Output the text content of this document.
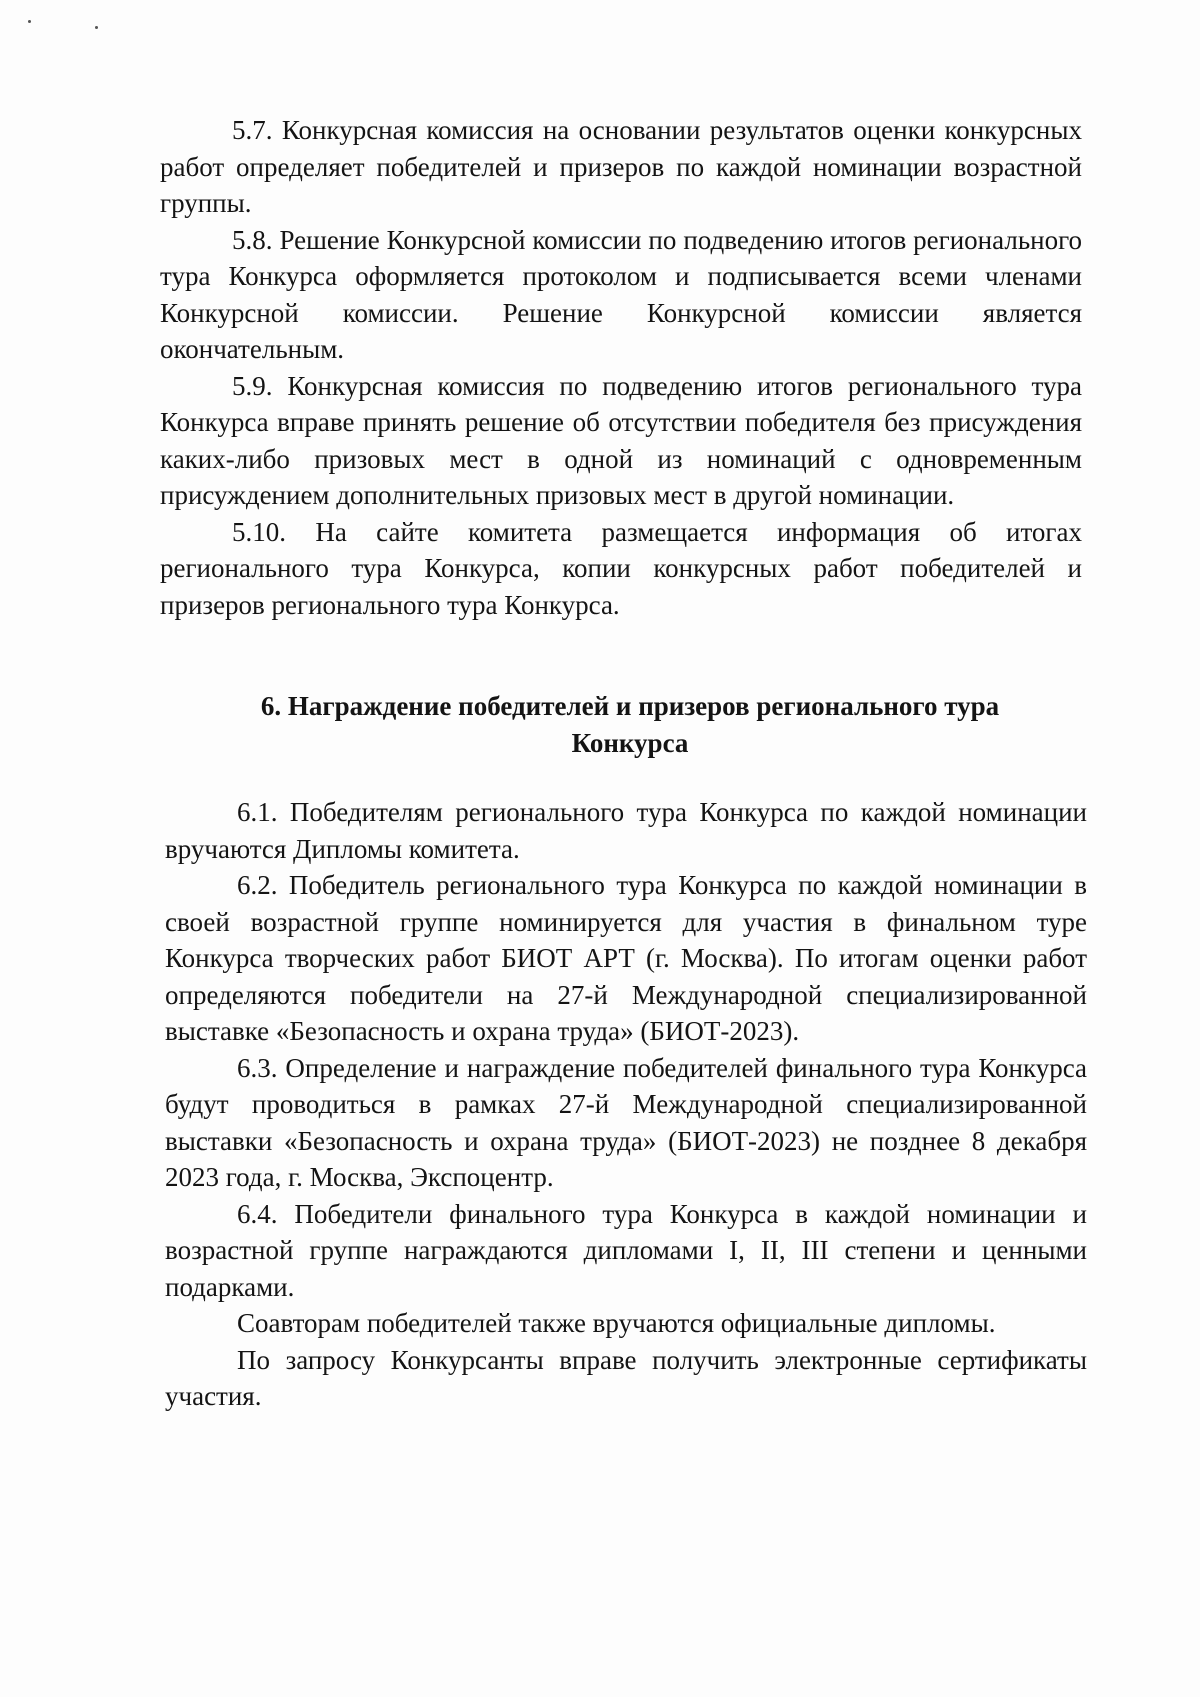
5.7. Конкурсная комиссия на основании результатов оценки конкурсных работ определяет победителей и призеров по каждой номинации возрастной группы.

5.8. Решение Конкурсной комиссии по подведению итогов регионального тура Конкурса оформляется протоколом и подписывается всеми членами Конкурсной комиссии. Решение Конкурсной комиссии является окончательным.

5.9. Конкурсная комиссия по подведению итогов регионального тура Конкурса вправе принять решение об отсутствии победителя без присуждения каких-либо призовых мест в одной из номинаций с одновременным присуждением дополнительных призовых мест в другой номинации.

5.10. На сайте комитета размещается информация об итогах регионального тура Конкурса, копии конкурсных работ победителей и призеров регионального тура Конкурса.

6. Награждение победителей и призеров регионального тура
Конкурса

6.1. Победителям регионального тура Конкурса по каждой номинации вручаются Дипломы комитета.

6.2. Победитель регионального тура Конкурса по каждой номинации в своей возрастной группе номинируется для участия в финальном туре Конкурса творческих работ БИОТ АРТ (г. Москва). По итогам оценки работ определяются победители на 27-й Международной специализированной выставке «Безопасность и охрана труда» (БИОТ-2023).

6.3. Определение и награждение победителей финального тура Конкурса будут проводиться в рамках 27-й Международной специализированной выставки «Безопасность и охрана труда» (БИОТ-2023) не позднее 8 декабря 2023 года, г. Москва, Экспоцентр.

6.4. Победители финального тура Конкурса в каждой номинации и возрастной группе награждаются дипломами I, II, III степени и ценными подарками.

Соавторам победителей также вручаются официальные дипломы.

По запросу Конкурсанты вправе получить электронные сертификаты участия.
